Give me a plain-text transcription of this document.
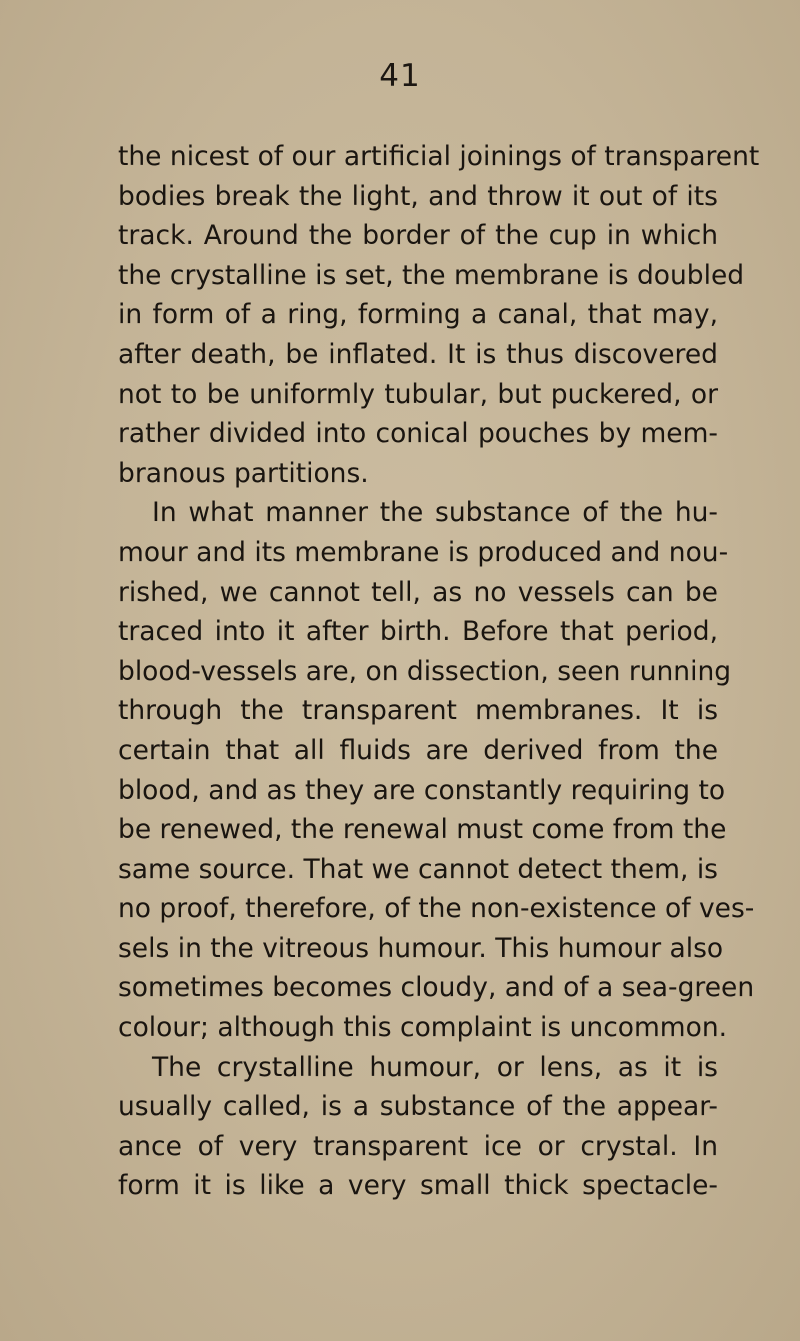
41
the nicest of our artificial joinings of transparent
bodies break the light, and throw it out of its
track. Around the border of the cup in which
the crystalline is set, the membrane is doubled
in form of a ring, forming a canal, that may,
after death, be inflated. It is thus discovered
not to be uniformly tubular, but puckered, or
rather divided into conical pouches by mem-
branous partitions.
In what manner the substance of the hu-
mour and its membrane is produced and nou-
rished, we cannot tell, as no vessels can be
traced into it after birth. Before that period,
blood-vessels are, on dissection, seen running
through the transparent membranes. It is
certain that all fluids are derived from the
blood, and as they are constantly requiring to
be renewed, the renewal must come from the
same source. That we cannot detect them, is
no proof, therefore, of the non-existence of ves-
sels in the vitreous humour. This humour also
sometimes becomes cloudy, and of a sea-green
colour; although this complaint is uncommon.
The crystalline humour, or lens, as it is
usually called, is a substance of the appear-
ance of very transparent ice or crystal. In
form it is like a very small thick spectacle-
